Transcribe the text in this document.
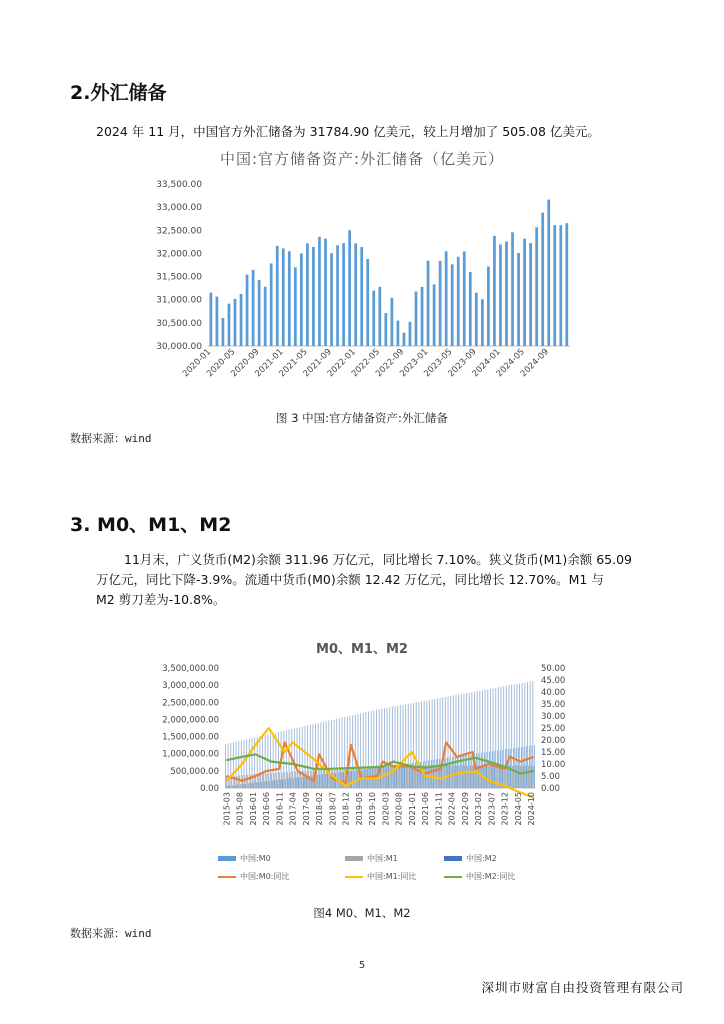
2.外汇储备
2024 年 11 月，中国官方外汇储备为 31784.90 亿美元，较上月增加了 505.08 亿美元。
中国:官方储备资产:外汇储备（亿美元）
33,500.00
33,000.00
32,500.00
32,000.00
31,500.00
31,000.00
30,500.00
30,000.00
2020-01
2020-05
2020-09
2021-01
2021-05
2021-09
2022-01
2022-05
2022-09
2023-01
2023-05
2023-09
2024-01
2024-05
2024-09
图 3 中国:官方储备资产:外汇储备
数据来源：wind
3. M0、M1、M2
11月末，广义货币(M2)余额 311.96 万亿元，同比增长 7.10%。狭义货币(M1)余额 65.09
万亿元，同比下降-3.9%。流通中货币(M0)余额 12.42 万亿元，同比增长 12.70%。M1 与
M2 剪刀差为-10.8%。
M0、M1、M2
3,500,000.00
3,000,000.00
2,500,000.00
2,000,000.00
1,500,000.00
1,000,000.00
500,000.00
0.00
50.00
45.00
40.00
35.00
30.00
25.00
20.00
15.00
10.00
5.00
0.00
2015-03 2015-08 2016-01 2016-06 2016-11 2017-04 2017-09 2018-02 2018-07 2018-12 2019-05 2019-10 2020-03 2020-08 2021-01 2021-06 2021-11 2022-04 2022-09 2023-02 2023-07 2023-12 2024-05 2024-10
中国:M0	中国:M1	中国:M2
中国:M0:同比	中国:M1:同比	中国:M2:同比
图4 M0、M1、M2
数据来源：wind
5
深圳市财富自由投资管理有限公司
